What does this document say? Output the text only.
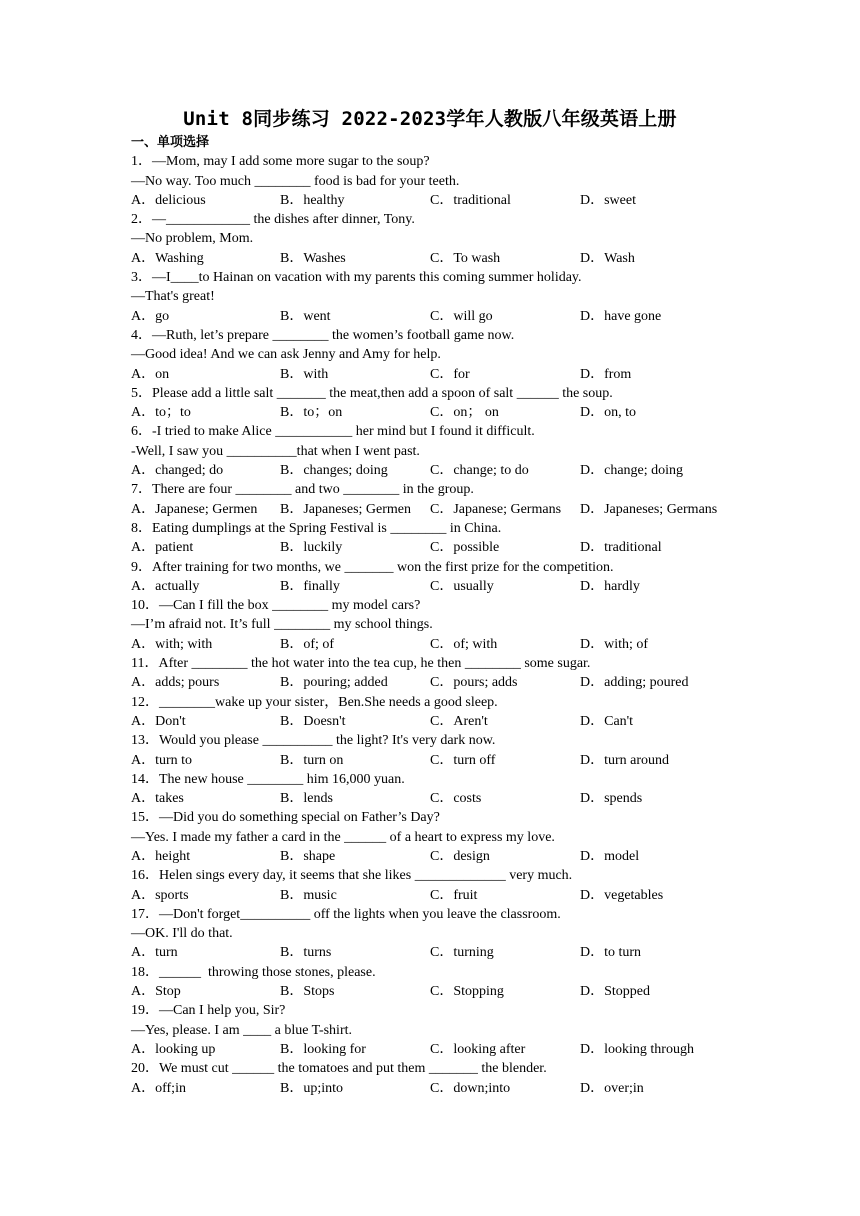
Unit 8同步练习 2022-2023学年人教版八年级英语上册
一、单项选择
1．—Mom, may I add some more sugar to the soup?
—No way. Too much ________ food is bad for your teeth.
A．delicious	B．healthy	C．traditional	D．sweet
2．—____________ the dishes after dinner, Tony.
—No problem, Mom.
A．Washing	B．Washes	C．To wash	D．Wash
3．—I____to Hainan on vacation with my parents this coming summer holiday.
—That's great!
A．go	B．went	C．will go	D．have gone
4．—Ruth, let’s prepare ________ the women’s football game now.
—Good idea! And we can ask Jenny and Amy for help.
A．on	B．with	C．for	D．from
5．Please add a little salt _______ the meat,then add a spoon of salt ______ the soup.
A．to；to	B．to；on	C．on； on	D．on, to
6．-I tried to make Alice ___________ her mind but I found it difficult.
-Well, I saw you __________that when I went past.
A．changed; do	B．changes; doing	C．change; to do	D．change; doing
7．There are four ________ and two ________ in the group.
A．Japanese; Germen B．Japaneses; Germen C．Japanese; Germans D．Japaneses; Germans
8．Eating dumplings at the Spring Festival is ________ in China.
A．patient	B．luckily	C．possible	D．traditional
9．After training for two months, we _______ won the first prize for the competition.
A．actually	B．finally	C．usually	D．hardly
10．—Can I fill the box ________ my model cars?
—I’m afraid not. It’s full ________ my school things.
A．with; with	B．of; of	C．of; with	D．with; of
11．After ________ the hot water into the tea cup, he then ________ some sugar.
A．adds; pours	B．pouring; added	C．pours; adds	D．adding; poured
12．________wake up your sister，Ben.She needs a good sleep.
A．Don't	B．Doesn't	C．Aren't	D．Can't
13．Would you please __________ the light? It's very dark now.
A．turn to	B．turn on	C．turn off	D．turn around
14．The new house ________ him 16,000 yuan.
A．takes	B．lends	C．costs	D．spends
15．—Did you do something special on Father’s Day?
—Yes. I made my father a card in the ______ of a heart to express my love.
A．height	B．shape	C．design	D．model
16．Helen sings every day, it seems that she likes _____________ very much.
A．sports	B．music	C．fruit	D．vegetables
17．—Don't forget__________ off the lights when you leave the classroom.
—OK. I'll do that.
A．turn	B．turns	C．turning	D．to turn
18．______  throwing those stones, please.
A．Stop	B．Stops	C．Stopping	D．Stopped
19．—Can I help you, Sir?
—Yes, please. I am ____ a blue T-shirt.
A．looking up	B．looking for	C．looking after	D．looking through
20．We must cut ______ the tomatoes and put them _______ the blender.
A．off;in	B．up;into	C．down;into	D．over;in
